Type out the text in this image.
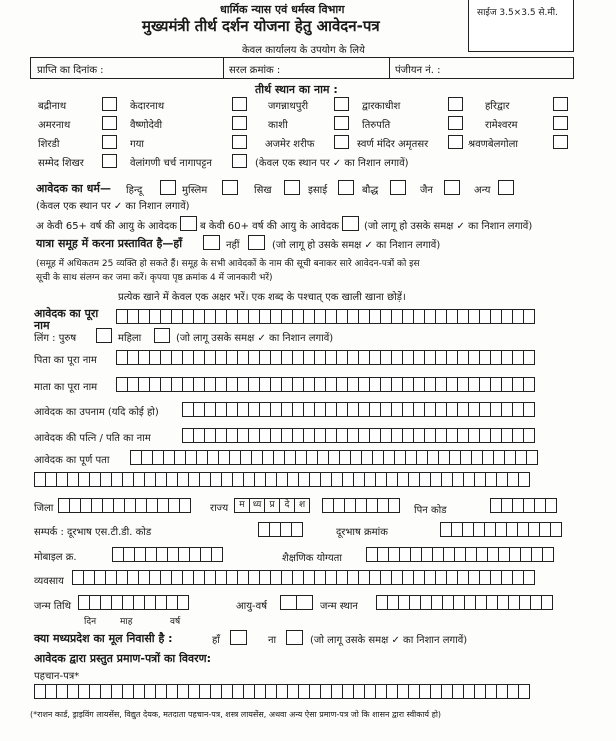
धार्मिक न्यास एवं धर्मस्व विभाग
मुख्यमंत्री तीर्थ दर्शन योजना हेतु आवेदन-पत्र
केवल कार्यालय के उपयोग के लिये
साईज 3.5×3.5 से.मी.
प्राप्ति का दिनांक :	सरल क्रमांक :	पंजीयन नं. :
तीर्थ स्थान का नाम :
बद्रीनाथ	केदारनाथ	जगन्नाथपुरी	द्वारकाधीश	हरिद्वार
अमरनाथ	वैष्णोदेवी	काशी	तिरुपति	रामेश्वरम
शिरडी	गया	अजमेर शरीफ	स्वर्ण मंदिर अमृतसर	श्रवणबेलगोला
सम्मेद शिखर	वेलांगणी चर्च नागापट्टन	(केवल एक स्थान पर ✓ का निशान लगावें)
आवेदक का धर्म— हिन्दू	मुस्लिम	सिख	इसाई	बौद्ध	जैन	अन्य
(केवल एक स्थान पर ✓ का निशान लगावें)
अ केवी 65+ वर्ष की आयु के आवेदक ब केवी 60+ वर्ष की आयु के आवेदक	(जो लागू हो उसके समक्ष ✓ का निशान लगावें)
यात्रा समूह में करना प्रस्तावित है—हाँ	नहीं	(जो लागू हो उसके समक्ष ✓ का निशान लगावें)
(समूह में अधिकतम 25 व्यक्ति हो सकते हैं। समूह के सभी आवेदकों के नाम की सूची बनाकर सारे आवेदन-पत्रों को इस
सूची के साथ संलग्न कर जमा करें। कृपया पृष्ठ क्रमांक 4 में जानकारी भरें)
प्रत्येक खाने में केवल एक अक्षर भरें। एक शब्द के पश्चात् एक खाली खाना छोड़ें।
आवेदक का पूरा नाम
लिंग : पुरुष	महिला	(जो लागू उसके समक्ष ✓ का निशान लगावें)
पिता का पूरा नाम
माता का पूरा नाम
आवेदक का उपनाम (यदि कोई हो)
आवेदक की पत्नि / पति का नाम
आवेदक का पूर्ण पता
जिला	राज्य	म ध्य प्र	दे	श	पिन कोड
सम्पर्क : दूरभाष एस.टी.डी. कोड	दूरभाष क्रमांक
मोबाइल क्र.	शैक्षणिक योग्यता
व्यवसाय
जन्म तिथि
दिन	माह	वर्ष
आयु-वर्ष	जन्म स्थान
क्या मध्यप्रदेश का मूल निवासी है :	हाँ	ना	(जो लागू उसके समक्ष ✓ का निशान लगावें)
आवेदक द्वारा प्रस्तुत प्रमाण-पत्रों का विवरण:
पहचान-पत्र*
(*राशन कार्ड, ड्राइविंग लायसेंस, विद्युत देयक, मतदाता पहचान-पत्र, शस्त्र लायसेंस, अथवा अन्य ऐसा प्रमाण-पत्र जो कि शासन द्वारा स्वीकार्य हो)
